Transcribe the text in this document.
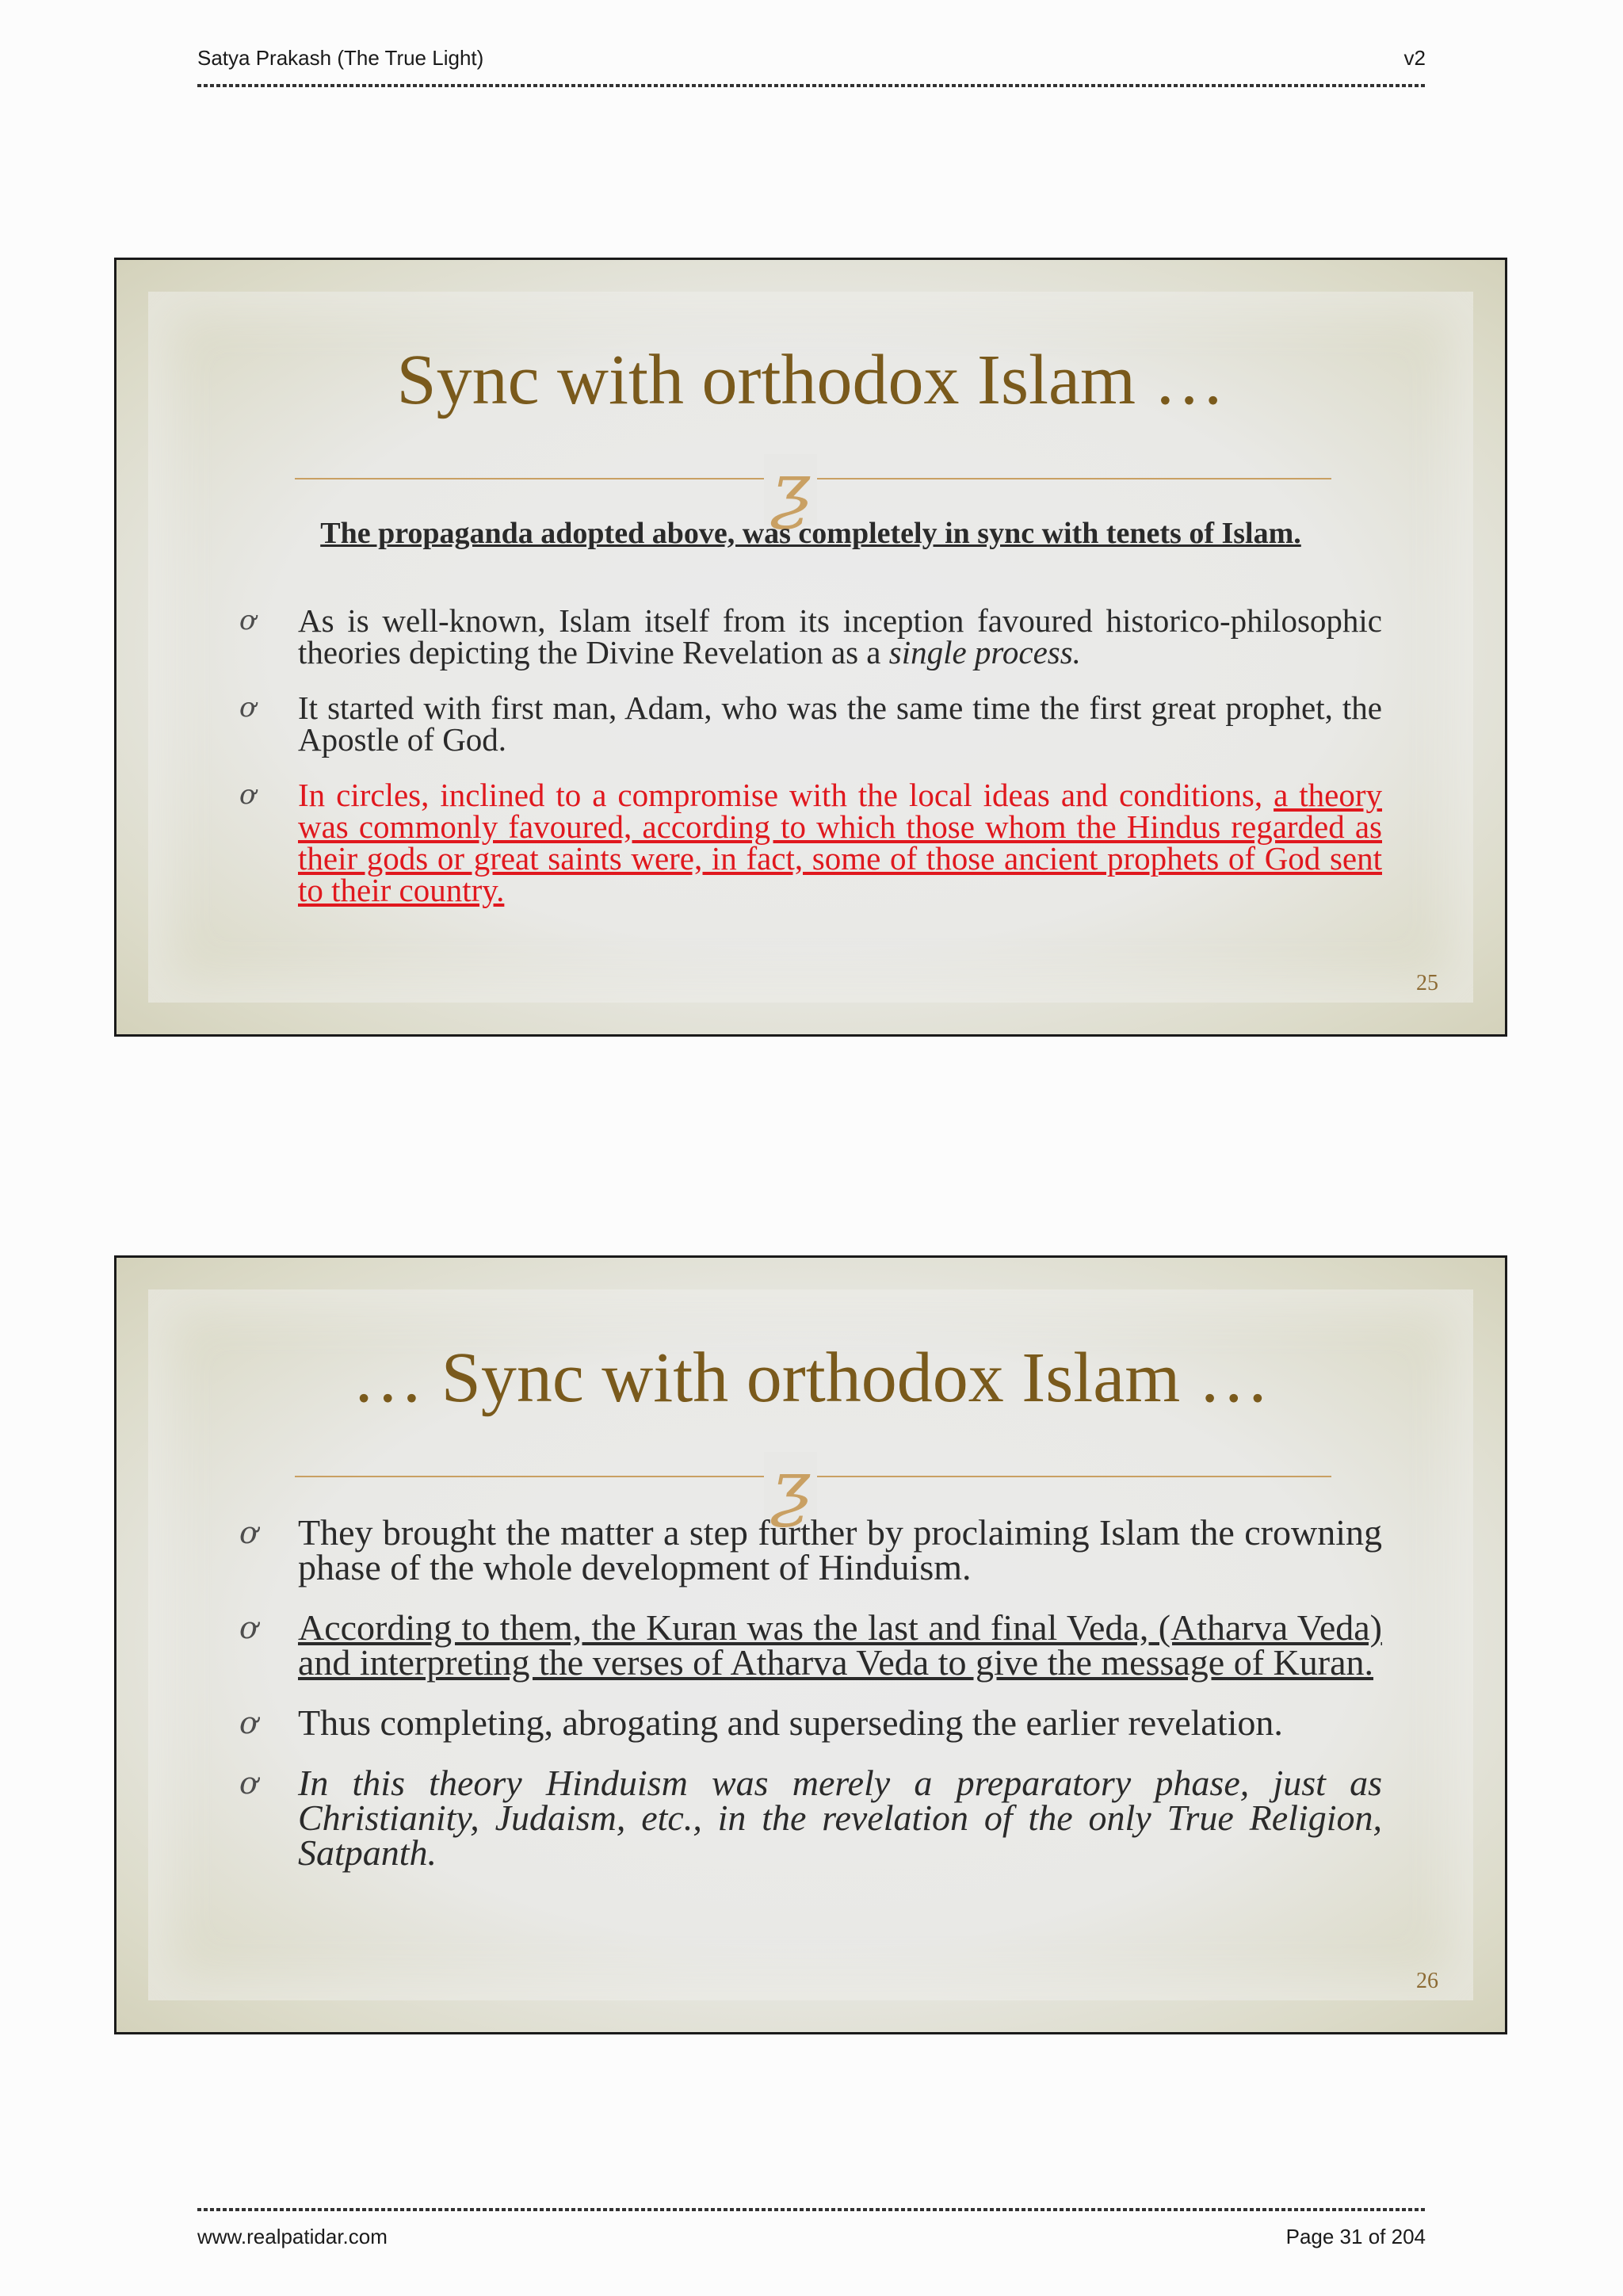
Satya Prakash (The True Light)	v2
Sync with orthodox Islam …
ƺ
The propaganda adopted above, was completely in sync with tenets of Islam.
ơ As is well-known, Islam itself from its inception favoured historico-philosophic theories depicting the Divine Revelation as a single process.
ơ It started with first man, Adam, who was the same time the first great prophet, the Apostle of God.
ơ In circles, inclined to a compromise with the local ideas and conditions, a theory was commonly favoured, according to which those whom the Hindus regarded as their gods or great saints were, in fact, some of those ancient prophets of God sent to their country.
25
… Sync with orthodox Islam …
ƺ
ơ They brought the matter a step further by proclaiming Islam the crowning phase of the whole development of Hinduism.
ơ According to them, the Kuran was the last and final Veda, (Atharva Veda) and interpreting the verses of Atharva Veda to give the message of Kuran.
ơ Thus completing, abrogating and superseding the earlier revelation.
ơ In this theory Hinduism was merely a preparatory phase, just as Christianity, Judaism, etc., in the revelation of the only True Religion, Satpanth.
26
www.realpatidar.com	Page 31 of 204
